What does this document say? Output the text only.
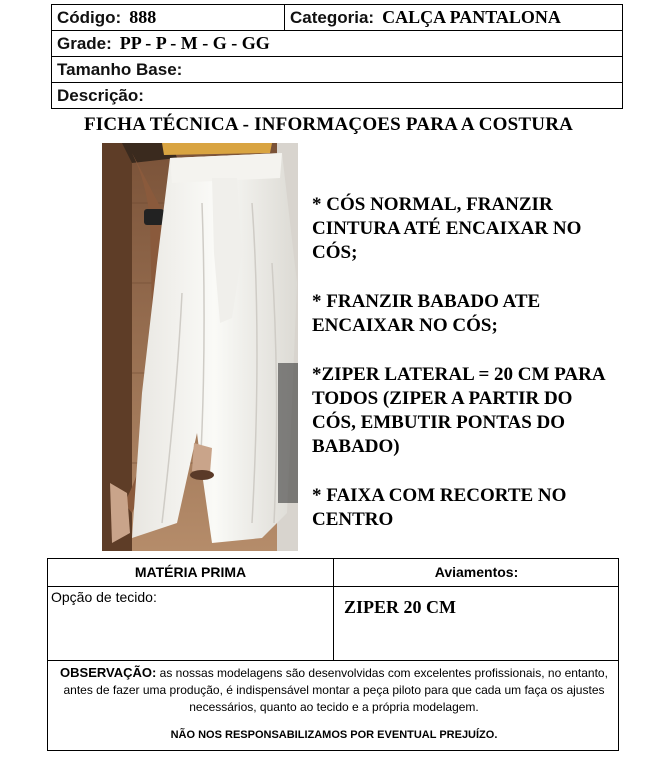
Código: 888	Categoria: CALÇA PANTALONA
Grade: PP - P - M - G - GG
Tamanho Base:
Descrição:
FICHA TÉCNICA - INFORMAÇOES PARA A COSTURA

* CÓS NORMAL, FRANZIR CINTURA ATÉ ENCAIXAR NO CÓS;

* FRANZIR BABADO ATE ENCAIXAR NO CÓS;

*ZIPER LATERAL = 20 CM PARA TODOS (ZIPER A PARTIR DO CÓS, EMBUTIR PONTAS DO BABADO)

* FAIXA COM RECORTE NO CENTRO

MATÉRIA PRIMA	Aviamentos:
Opção de tecido:	ZIPER 20 CM
OBSERVAÇÃO: as nossas modelagens são desenvolvidas com excelentes profissionais, no entanto, antes de fazer uma produção, é indispensável montar a peça piloto para que cada um faça os ajustes necessários, quanto ao tecido e a própria modelagem.
NÃO NOS RESPONSABILIZAMOS POR EVENTUAL PREJUÍZO.
